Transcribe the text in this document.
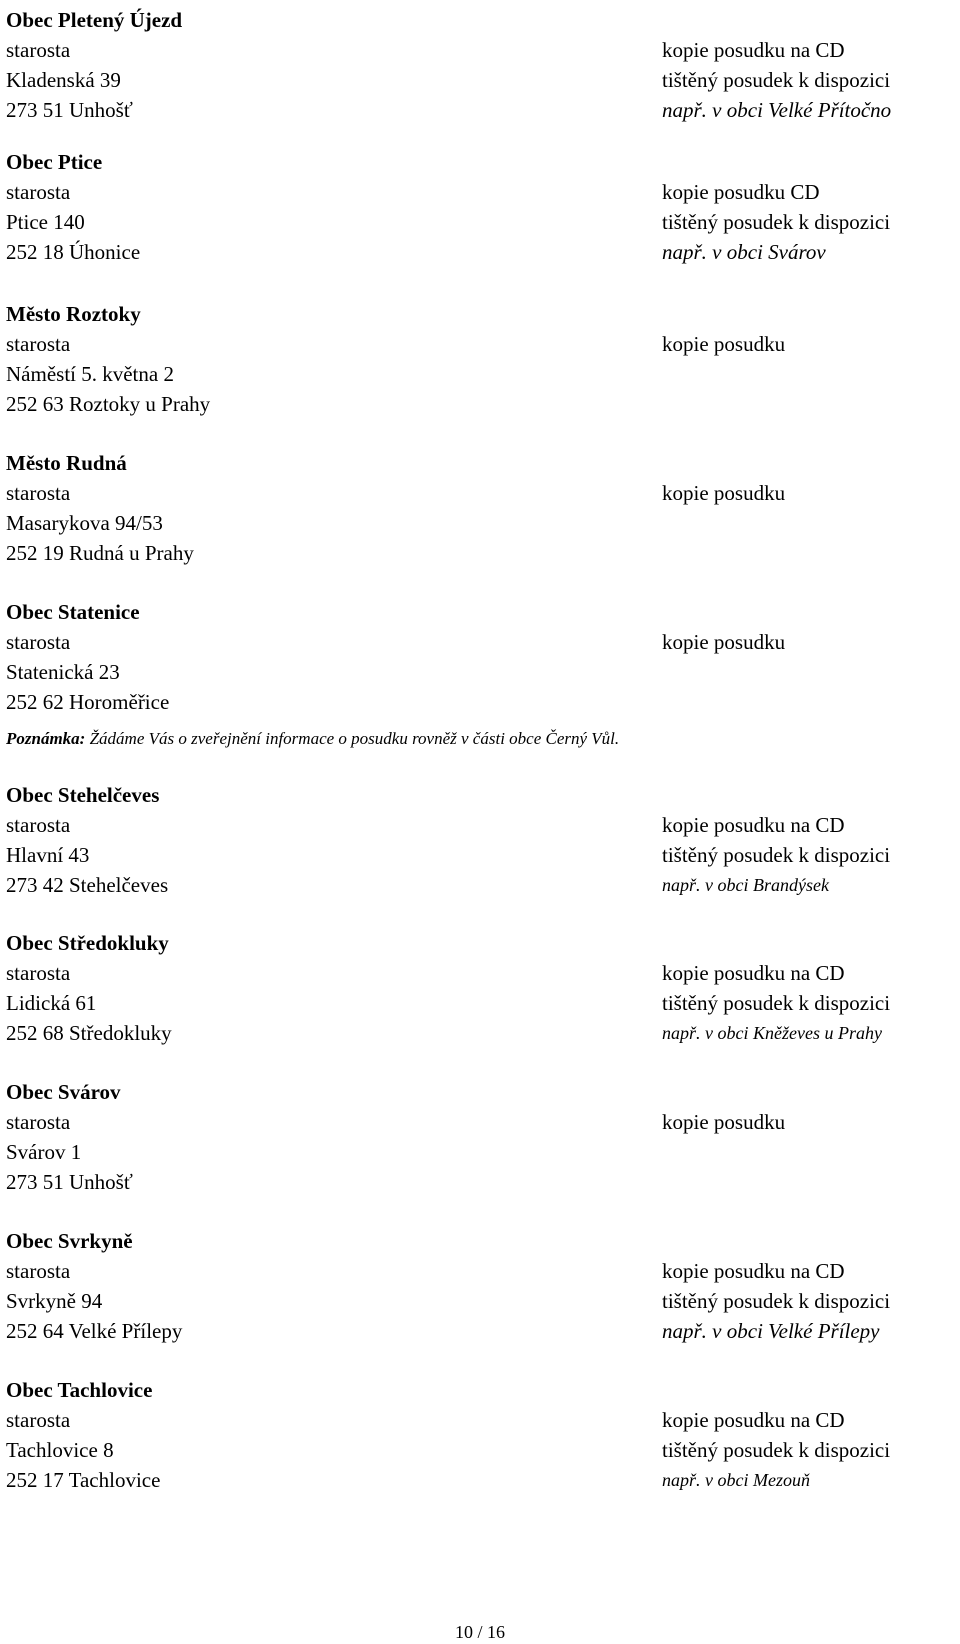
Obec Pletený Újezd
starosta
Kladenská 39
273 51 Unhošť
kopie posudku na CD
tištěný posudek k dispozici
např. v obci Velké Přítočno
Obec Ptice
starosta
Ptice 140
252 18 Úhonice
kopie posudku CD
tištěný posudek k dispozici
např. v obci Svárov
Město Roztoky
starosta
Náměstí 5. května 2
252 63 Roztoky u Prahy
kopie posudku
Město Rudná
starosta
Masarykova 94/53
252 19 Rudná u Prahy
kopie posudku
Obec Statenice
starosta
Statenická 23
252 62 Horoměřice
kopie posudku
Poznámka: Žádáme Vás o zveřejnění informace o posudku rovněž v části obce Černý Vůl.
Obec Stehelčeves
starosta
Hlavní 43
273 42 Stehelčeves
kopie posudku na CD
tištěný posudek k dispozici
např. v obci Brandýsek
Obec Středokluky
starosta
Lidická 61
252 68 Středokluky
kopie posudku na CD
tištěný posudek k dispozici
např. v obci Kněževes u Prahy
Obec Svárov
starosta
Svárov 1
273 51 Unhošť
kopie posudku
Obec Svrkyně
starosta
Svrkyně 94
252 64 Velké Přílepy
kopie posudku na CD
tištěný posudek k dispozici
např. v obci Velké Přílepy
Obec Tachlovice
starosta
Tachlovice 8
252 17 Tachlovice
kopie posudku na CD
tištěný posudek k dispozici
např. v obci Mezouň
10 / 16
